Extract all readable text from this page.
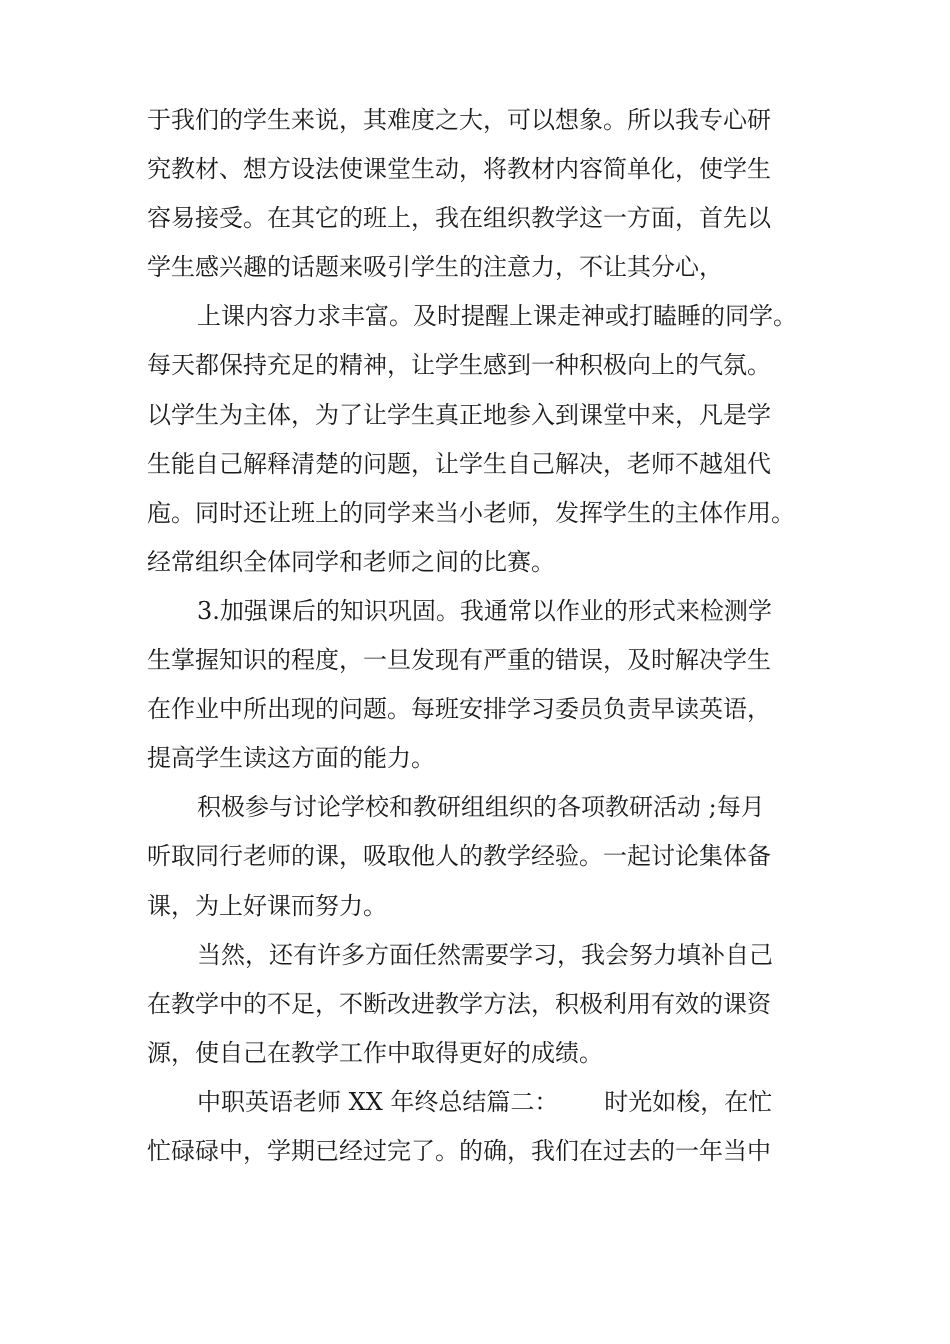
于我们的学生来说，其难度之大，可以想象。所以我专心研
究教材、想方设法使课堂生动，将教材内容简单化，使学生
容易接受。在其它的班上，我在组织教学这一方面，首先以
学生感兴趣的话题来吸引学生的注意力，不让其分心，
上课内容力求丰富。及时提醒上课走神或打瞌睡的同学。
每天都保持充足的精神，让学生感到一种积极向上的气氛。
以学生为主体，为了让学生真正地参入到课堂中来，凡是学
生能自己解释清楚的问题，让学生自己解决，老师不越俎代
庖。同时还让班上的同学来当小老师，发挥学生的主体作用。
经常组织全体同学和老师之间的比赛。
3.加强课后的知识巩固。我通常以作业的形式来检测学
生掌握知识的程度，一旦发现有严重的错误，及时解决学生
在作业中所出现的问题。每班安排学习委员负责早读英语，
提高学生读这方面的能力。
积极参与讨论学校和教研组组织的各项教研活动 ;每月
听取同行老师的课，吸取他人的教学经验。一起讨论集体备
课，为上好课而努力。
当然，还有许多方面任然需要学习，我会努力填补自己
在教学中的不足，不断改进教学方法，积极利用有效的课资
源，使自己在教学工作中取得更好的成绩。
中职英语老师 XX 年终总结篇二：      时光如梭，在忙
忙碌碌中，学期已经过完了。的确，我们在过去的一年当中
